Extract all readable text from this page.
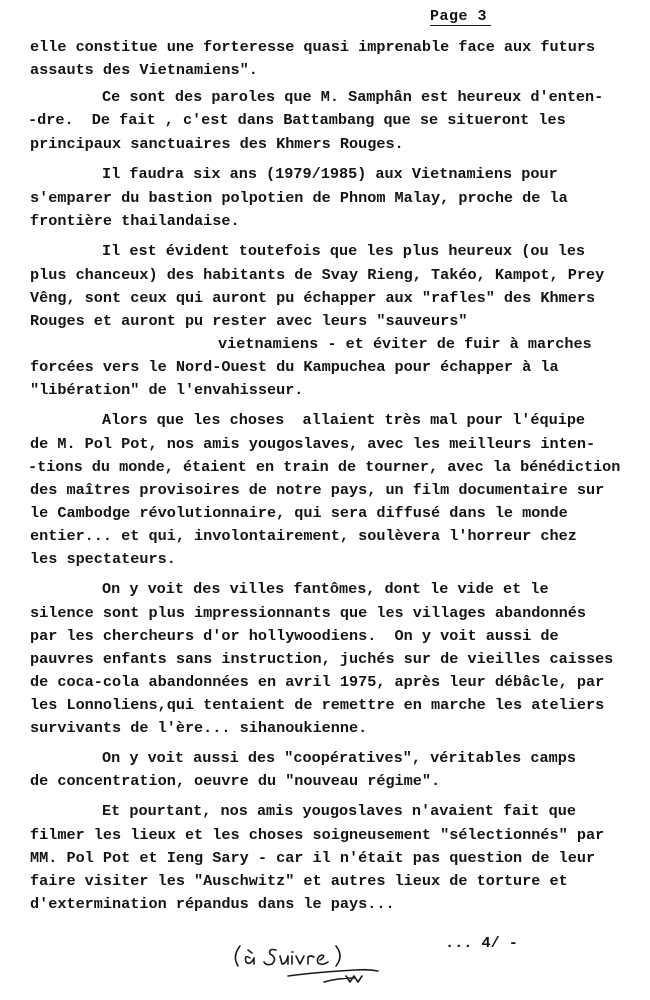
Page 3
elle constitue une forteresse quasi imprenable face aux futurs
assauts des Vietnamiens".
Ce sont des paroles que M. Samphân est heureux d'enten-
-dre.  De fait , c'est dans Battambang que se situeront les
principaux sanctuaires des Khmers Rouges.
Il faudra six ans (1979/1985) aux Vietnamiens pour
s'emparer du bastion polpotien de Phnom Malay, proche de la
frontière thailandaise.
Il est évident toutefois que les plus heureux (ou les
plus chanceux) des habitants de Svay Rieng, Takéo, Kampot, Prey
Vêng, sont ceux qui auront pu échapper aux "rafles" des Khmers
Rouges et auront pu rester avec leurs "sauveurs"
vietnamiens - et éviter de fuir à marches
forcées vers le Nord-Ouest du Kampuchea pour échapper à la
"libération" de l'envahisseur.
Alors que les choses  allaient très mal pour l'équipe
de M. Pol Pot, nos amis yougoslaves, avec les meilleurs inten-
-tions du monde, étaient en train de tourner, avec la bénédiction
des maîtres provisoires de notre pays, un film documentaire sur
le Cambodge révolutionnaire, qui sera diffusé dans le monde
entier... et qui, involontairement, soulèvera l'horreur chez
les spectateurs.
On y voit des villes fantômes, dont le vide et le
silence sont plus impressionnants que les villages abandonnés
par les chercheurs d'or hollywoodiens.  On y voit aussi de
pauvres enfants sans instruction, juchés sur de vieilles caisses
de coca-cola abandonnées en avril 1975, après leur débâcle, par
les Lonnoliens,qui tentaient de remettre en marche les ateliers
survivants de l'ère... sihanoukienne.
On y voit aussi des "coopératives", véritables camps
de concentration, oeuvre du "nouveau régime".
Et pourtant, nos amis yougoslaves n'avaient fait que
filmer les lieux et les choses soigneusement "sélectionnés" par
MM. Pol Pot et Ieng Sary - car il n'était pas question de leur
faire visiter les "Auschwitz" et autres lieux de torture et
d'extermination répandus dans le pays...
... 4/ -
